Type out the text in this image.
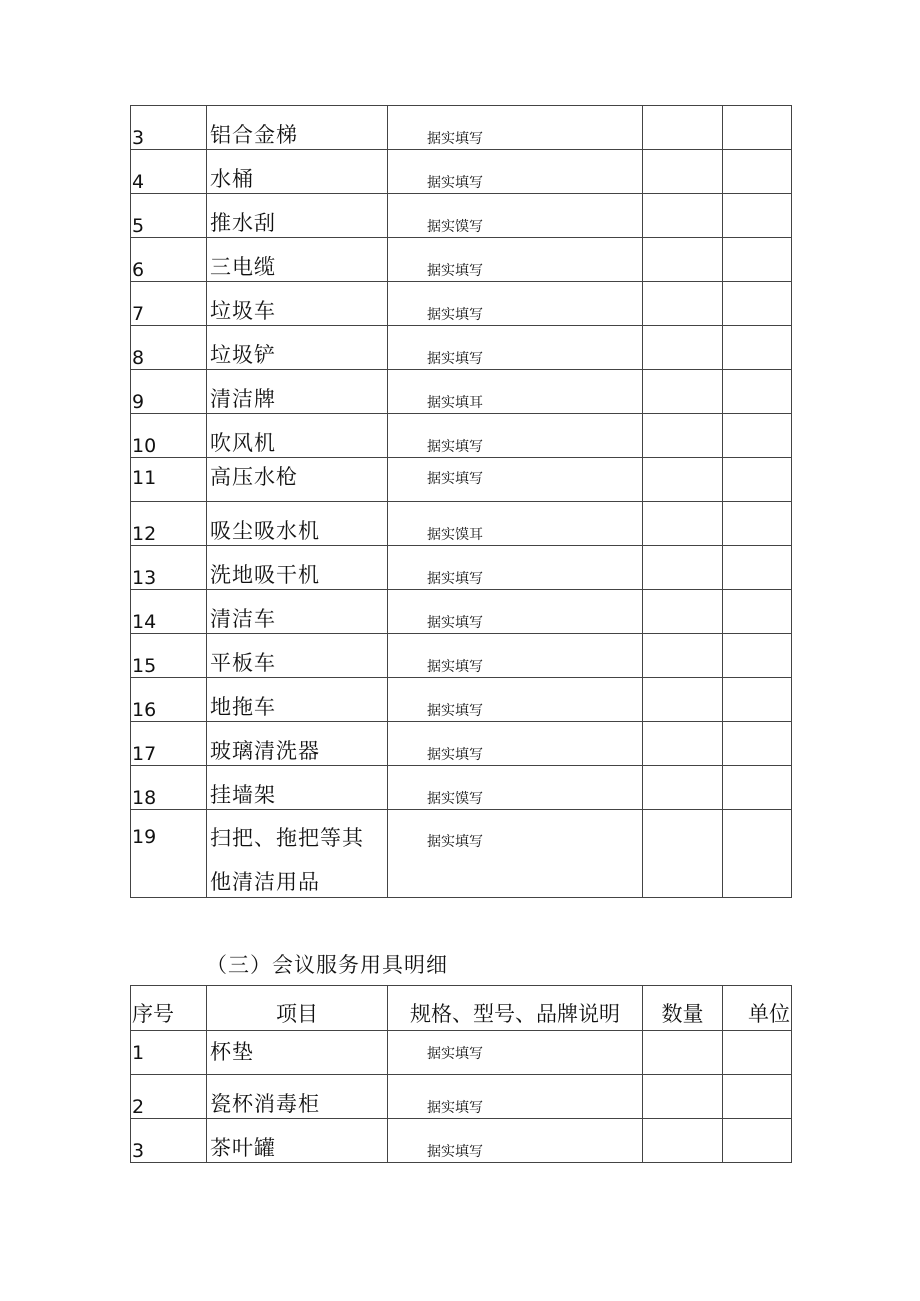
3	铝合金梯	据实填写		

4	水桶	据实填写		

5	推水刮	据实馍写		

6	三电缆	据实填写		

7	垃圾车	据实填写		

8	垃圾铲	据实填写		

9	清洁牌	据实填耳		

10	吹风机	据实填写		

11	高压水枪	据实填写		

12	吸尘吸水机	据实馍耳		

13	洗地吸干机	据实填写		

14	清洁车	据实填写		

15	平板车	据实填写		

16	地拖车	据实填写		

17	玻璃清洗器	据实填写		

18	挂墙架	据实馍写		

19	扫把、拖把等其
他清洁用品	据实填写		

（三）会议服务用具明细
序号	项目	规格、型号、品牌说明	数量	单位

1	杯垫	据实填写		

2	瓷杯消毒柜	据实填写		

3	茶叶罐	据实填写		
